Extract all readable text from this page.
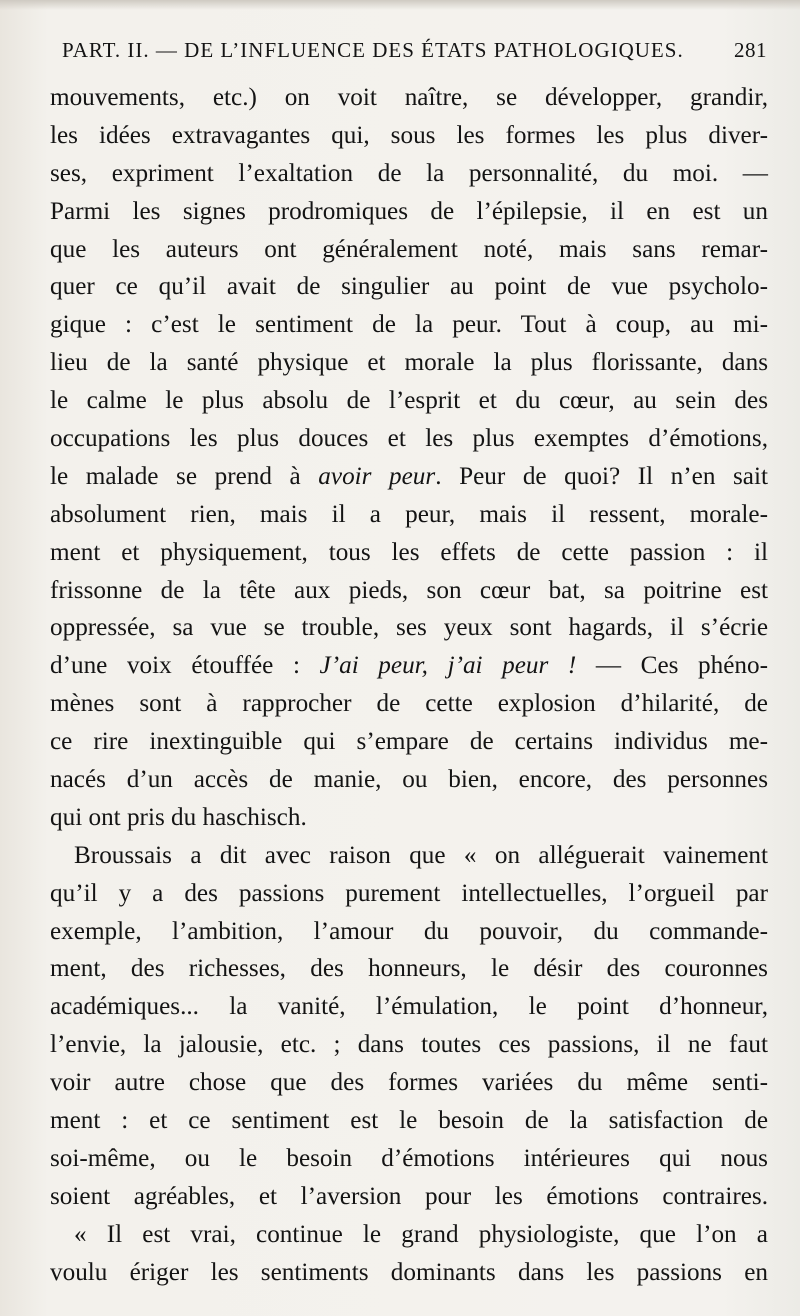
PART. II. — DE L’INFLUENCE DES ÉTATS PATHOLOGIQUES. 281
mouvements, etc.) on voit naître, se développer, grandir,
les idées extravagantes qui, sous les formes les plus diver-
ses, expriment l’exaltation de la personnalité, du moi. —
Parmi les signes prodromiques de l’épilepsie, il en est un
que les auteurs ont généralement noté, mais sans remar-
quer ce qu’il avait de singulier au point de vue psycholo-
gique : c’est le sentiment de la peur. Tout à coup, au mi-
lieu de la santé physique et morale la plus florissante, dans
le calme le plus absolu de l’esprit et du cœur, au sein des
occupations les plus douces et les plus exemptes d’émotions,
le malade se prend à avoir peur. Peur de quoi? Il n’en sait
absolument rien, mais il a peur, mais il ressent, morale-
ment et physiquement, tous les effets de cette passion : il
frissonne de la tête aux pieds, son cœur bat, sa poitrine est
oppressée, sa vue se trouble, ses yeux sont hagards, il s’écrie
d’une voix étouffée : J’ai peur, j’ai peur ! — Ces phéno-
mènes sont à rapprocher de cette explosion d’hilarité, de
ce rire inextinguible qui s’empare de certains individus me-
nacés d’un accès de manie, ou bien, encore, des personnes
qui ont pris du haschisch.
Broussais a dit avec raison que « on alléguerait vainement
qu’il y a des passions purement intellectuelles, l’orgueil par
exemple, l’ambition, l’amour du pouvoir, du commande-
ment, des richesses, des honneurs, le désir des couronnes
académiques... la vanité, l’émulation, le point d’honneur,
l’envie, la jalousie, etc. ; dans toutes ces passions, il ne faut
voir autre chose que des formes variées du même senti-
ment : et ce sentiment est le besoin de la satisfaction de
soi-même, ou le besoin d’émotions intérieures qui nous
soient agréables, et l’aversion pour les émotions contraires.
« Il est vrai, continue le grand physiologiste, que l’on a
voulu ériger les sentiments dominants dans les passions en
